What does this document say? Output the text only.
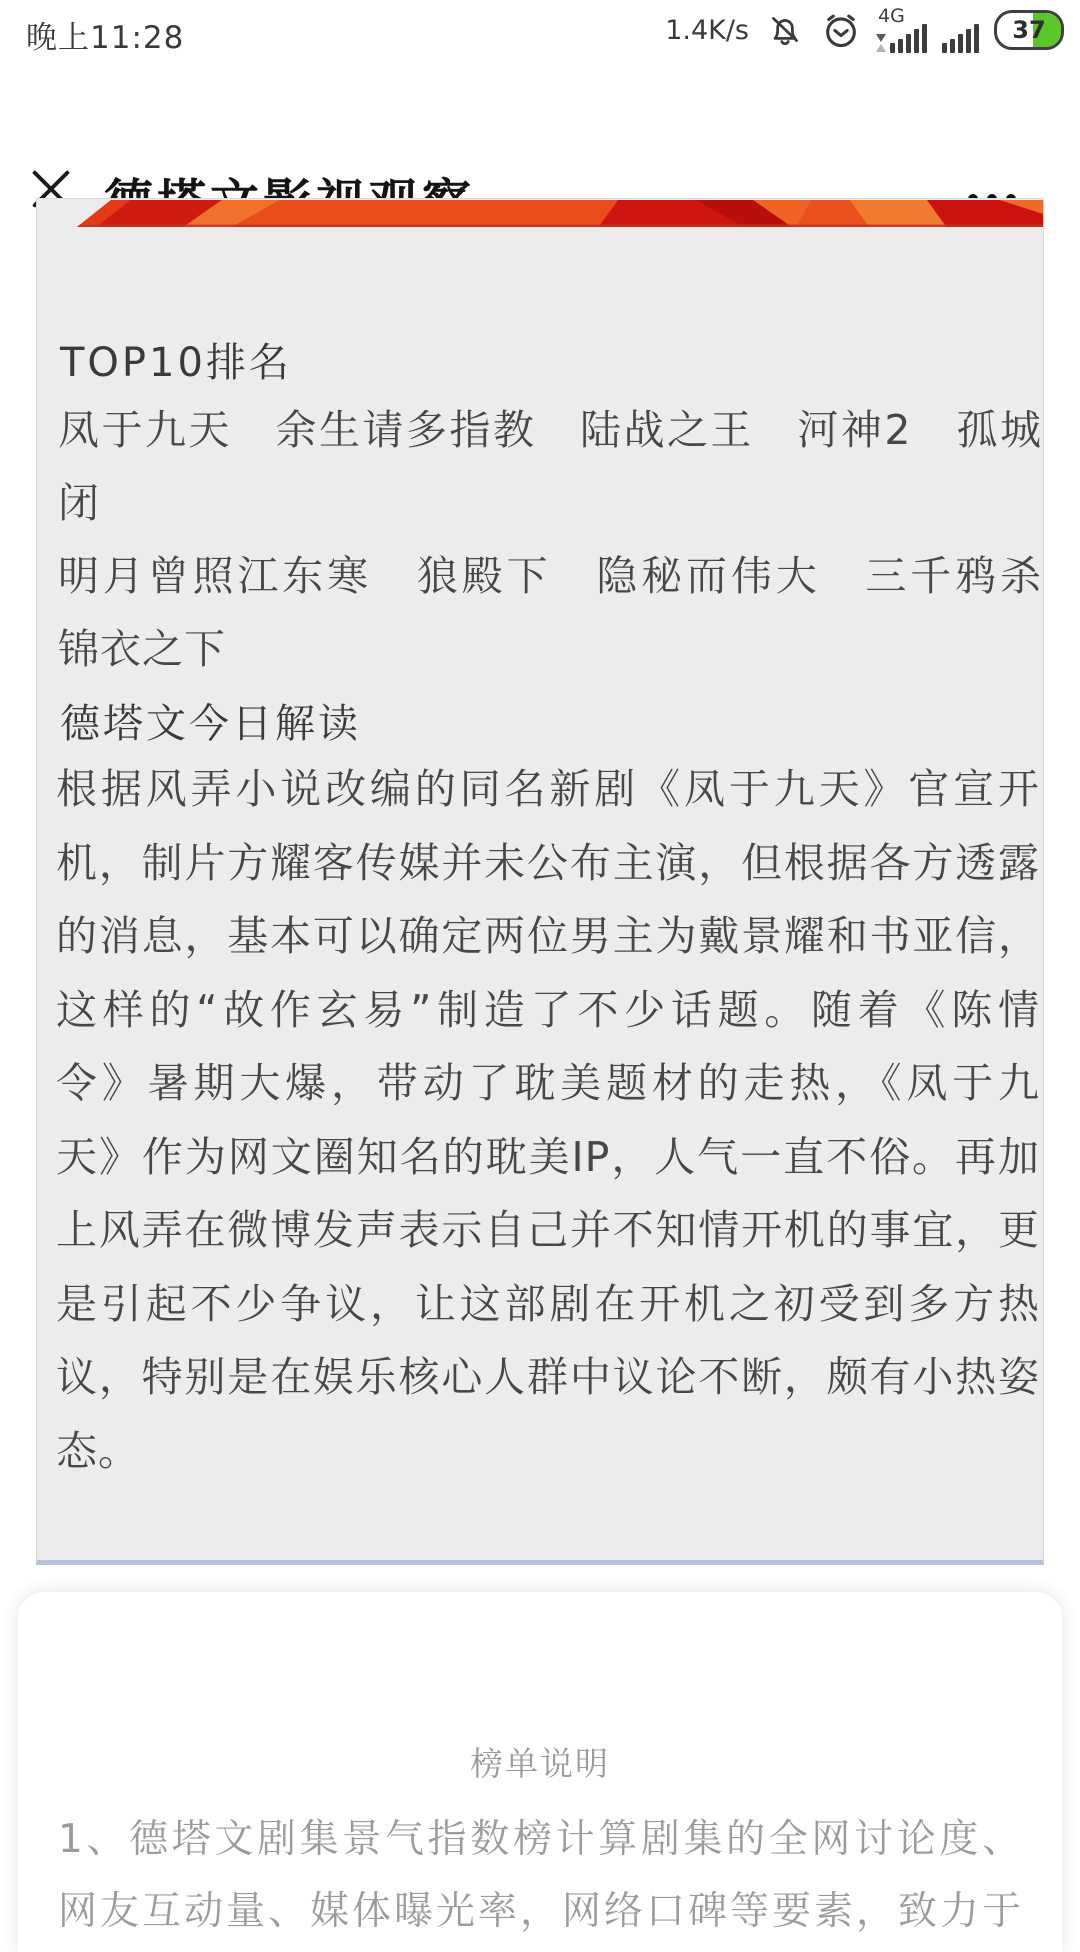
晚上11:28	1.4K/s	4G	37
TOP10排名
凤于九天　余生请多指教　陆战之王　河神2　孤城闭
明月曾照江东寒　狼殿下　隐秘而伟大　三千鸦杀
锦衣之下
德塔文今日解读
根据风弄小说改编的同名新剧《凤于九天》官宣开
机，制片方耀客传媒并未公布主演，但根据各方透露
的消息，基本可以确定两位男主为戴景耀和书亚信，
这样的“故作玄易”制造了不少话题。随着《陈情
令》暑期大爆，带动了耽美题材的走热，《凤于九
天》作为网文圈知名的耽美IP，人气一直不俗。再加
上风弄在微博发声表示自己并不知情开机的事宜，更
是引起不少争议，让这部剧在开机之初受到多方热
议，特别是在娱乐核心人群中议论不断，颇有小热姿
态。
榜单说明
1、德塔文剧集景气指数榜计算剧集的全网讨论度、
网友互动量、媒体曝光率，网络口碑等要素，致力于
